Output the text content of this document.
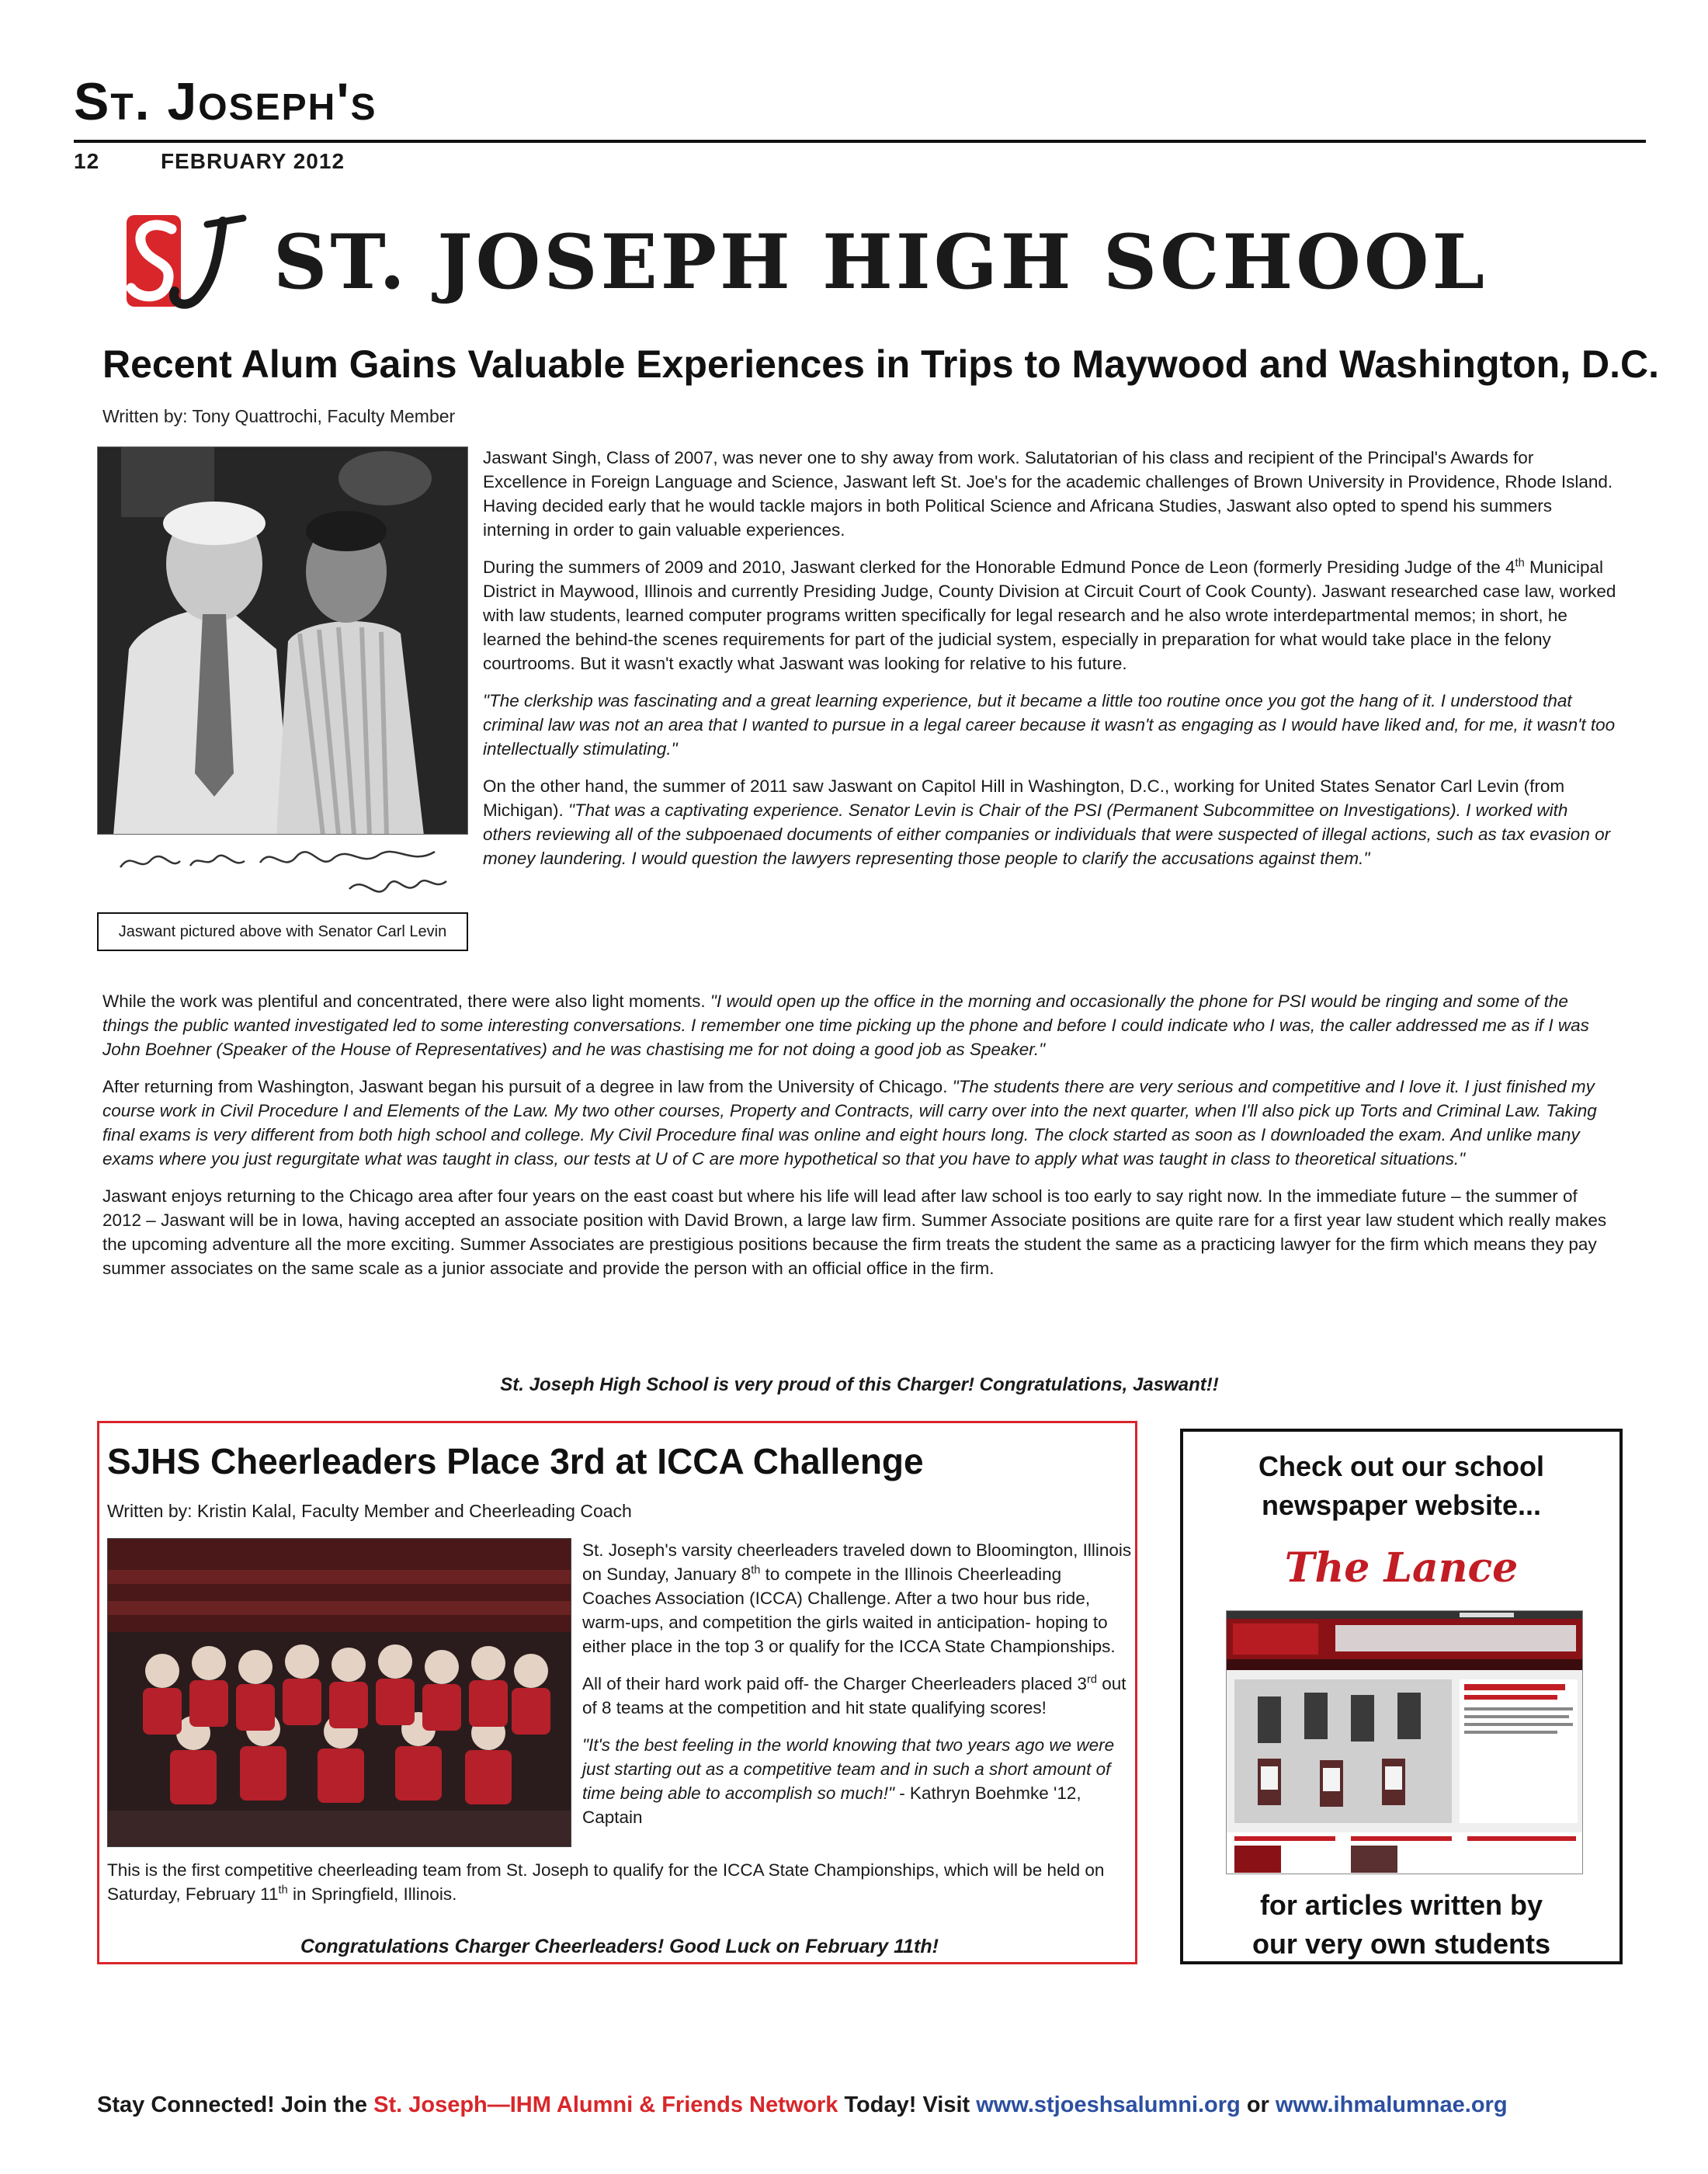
St. Joseph's
12	FEBRUARY 2012
ST. JOSEPH HIGH SCHOOL
Recent Alum Gains Valuable Experiences in Trips to Maywood and Washington, D.C.
Written by: Tony Quattrochi, Faculty Member
Jaswant pictured above with Senator Carl Levin

Jaswant Singh, Class of 2007, was never one to shy away from work. Salutatorian of his class and recipient of the Principal's Awards for Excellence in Foreign Language and Science, Jaswant left St. Joe's for the academic challenges of Brown University in Providence, Rhode Island. Having decided early that he would tackle majors in both Political Science and Africana Studies, Jaswant also opted to spend his summers interning in order to gain valuable experiences.

During the summers of 2009 and 2010, Jaswant clerked for the Honorable Edmund Ponce de Leon (formerly Presiding Judge of the 4th Municipal District in Maywood, Illinois and currently Presiding Judge, County Division at Circuit Court of Cook County). Jaswant researched case law, worked with law students, learned computer programs written specifically for legal research and he also wrote interdepartmental memos; in short, he learned the behind-the scenes requirements for part of the judicial system, especially in preparation for what would take place in the felony courtrooms. But it wasn't exactly what Jaswant was looking for relative to his future.

"The clerkship was fascinating and a great learning experience, but it became a little too routine once you got the hang of it. I understood that criminal law was not an area that I wanted to pursue in a legal career because it wasn't as engaging as I would have liked and, for me, it wasn't too intellectually stimulating."

On the other hand, the summer of 2011 saw Jaswant on Capitol Hill in Washington, D.C., working for United States Senator Carl Levin (from Michigan). "That was a captivating experience. Senator Levin is Chair of the PSI (Permanent Subcommittee on Investigations). I worked with others reviewing all of the subpoenaed documents of either companies or individuals that were suspected of illegal actions, such as tax evasion or money laundering. I would question the lawyers representing those people to clarify the accusations against them."

While the work was plentiful and concentrated, there were also light moments. "I would open up the office in the morning and occasionally the phone for PSI would be ringing and some of the things the public wanted investigated led to some interesting conversations. I remember one time picking up the phone and before I could indicate who I was, the caller addressed me as if I was John Boehner (Speaker of the House of Representatives) and he was chastising me for not doing a good job as Speaker."

After returning from Washington, Jaswant began his pursuit of a degree in law from the University of Chicago. "The students there are very serious and competitive and I love it. I just finished my course work in Civil Procedure I and Elements of the Law. My two other courses, Property and Contracts, will carry over into the next quarter, when I'll also pick up Torts and Criminal Law. Taking final exams is very different from both high school and college. My Civil Procedure final was online and eight hours long. The clock started as soon as I downloaded the exam. And unlike many exams where you just regurgitate what was taught in class, our tests at U of C are more hypothetical so that you have to apply what was taught in class to theoretical situations."

Jaswant enjoys returning to the Chicago area after four years on the east coast but where his life will lead after law school is too early to say right now. In the immediate future – the summer of 2012 – Jaswant will be in Iowa, having accepted an associate position with David Brown, a large law firm. Summer Associate positions are quite rare for a first year law student which really makes the upcoming adventure all the more exciting. Summer Associates are prestigious positions because the firm treats the student the same as a practicing lawyer for the firm which means they pay summer associates on the same scale as a junior associate and provide the person with an official office in the firm.

St. Joseph High School is very proud of this Charger! Congratulations, Jaswant!!
SJHS Cheerleaders Place 3rd at ICCA Challenge
Written by: Kristin Kalal, Faculty Member and Cheerleading Coach

St. Joseph's varsity cheerleaders traveled down to Bloomington, Illinois on Sunday, January 8th to compete in the Illinois Cheerleading Coaches Association (ICCA) Challenge. After a two hour bus ride, warm-ups, and competition the girls waited in anticipation- hoping to either place in the top 3 or qualify for the ICCA State Championships.

All of their hard work paid off- the Charger Cheerleaders placed 3rd out of 8 teams at the competition and hit state qualifying scores!

"It's the best feeling in the world knowing that two years ago we were just starting out as a competitive team and in such a short amount of time being able to accomplish so much!" - Kathryn Boehmke '12, Captain

This is the first competitive cheerleading team from St. Joseph to qualify for the ICCA State Championships, which will be held on Saturday, February 11th in Springfield, Illinois.

Congratulations Charger Cheerleaders! Good Luck on February 11th!
Check out our school
newspaper website...
The Lance
for articles written by
our very own students
Stay Connected! Join the St. Joseph—IHM Alumni & Friends Network Today! Visit www.stjoeshsalumni.org or www.ihmalumnae.org
